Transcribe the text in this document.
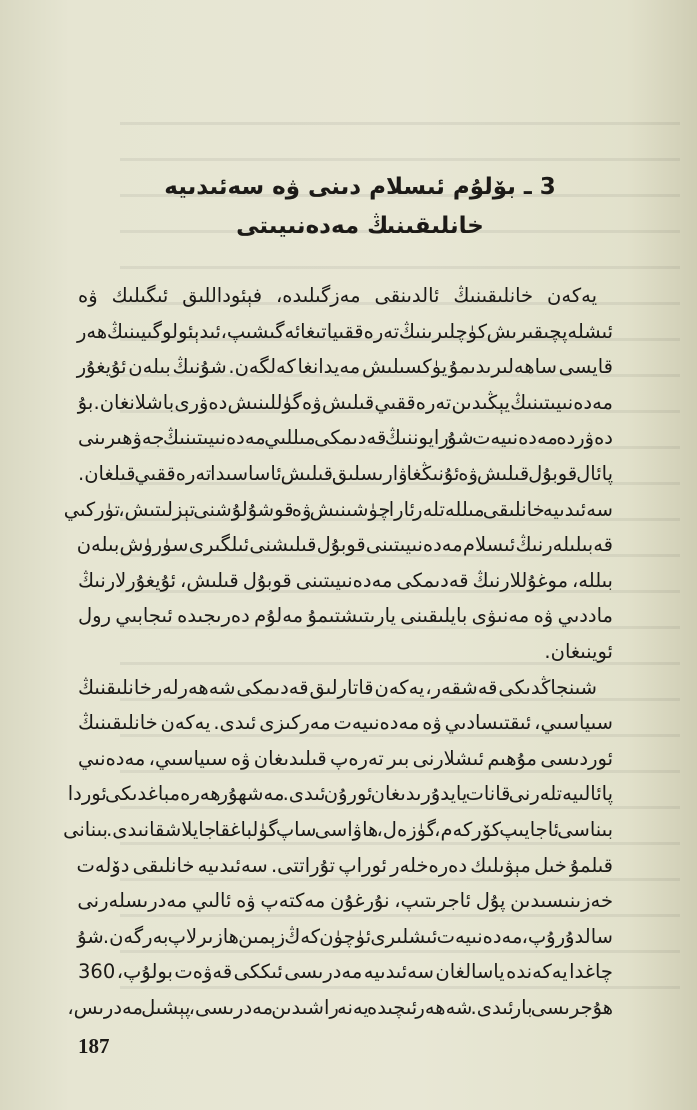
3 ـ بۆلۇم ئىسلام دىنى ۋە سەئىدىيە
خانلىقىنىڭ مەدەنىيىتى
يەكەن خانلىقىنىڭ ئالدىنقى مەزگىلىدە، فېئوداللىق ئىگىلىك ۋە
ئىشلەپچىقىرىش كۈچلىرىنىڭ تەرەققىياتىغا ئەگىشىپ، ئىدېئولوگىيىنىڭ ھەر
قايسى ساھەلىرىدىمۇ يۈكسىلىش مەيدانغا كەلگەن. شۇنىڭ بىلەن ئۇيغۇر
مەدەنىيىتىنىڭ يېڭىدىن تەرەققىي قىلىش ۋە گۈللىنىش دەۋرى باشلانغان. بۇ
دەۋردە مەدەنىيەت شۇ رايوننىڭ قەدىمكى مىللىي مەدەنىيىتىنىڭ جەۋھىرىنى
پائال قوبۇل قىلىش ۋە ئۇنىڭغا ۋارىسلىق قىلىش ئاساسىدا تەرەققىي قىلغان.
سەئىدىيە خانلىقى مىللەتلەر ئارا چۈشىنىش ۋە قوشۇلۇشنى تېزلىتىش، تۈركىي
قەبىلىلەرنىڭ ئىسلام مەدەنىيىتىنى قوبۇل قىلىشنى ئىلگىرى سۈرۈش بىلەن
بىللە، موغۇللارنىڭ قەدىمكى مەدەنىيىتىنى قوبۇل قىلىش، ئۇيغۇرلارنىڭ
ماددىي ۋە مەنىۋى بايلىقىنى يارىتىشتىمۇ مەلۇم دەرىجىدە ئىجابىي رول
ئوينىغان.
شىنجاڭدىكى قەشقەر، يەكەن قاتارلىق قەدىمكى شەھەرلەر خانلىقنىڭ
سىياسىي، ئىقتىسادىي ۋە مەدەنىيەت مەركىزى ئىدى. يەكەن خانلىقىنىڭ
ئوردىسى مۇھىم ئىشلارنى بىر تەرەپ قىلىدىغان ۋە سىياسىي، مەدەنىي
پائالىيەتلەرنى قانات يايدۇرىدىغان ئورۇن ئىدى. مەشھۇر ھەرەمباغدىكى ئوردا
بىناسى ئاجايىپ كۆركەم، گۈزەل، ھاۋاسى ساپ گۈلباغقا جايلاشقانىدى. بىنانى
قىلمۇ خىل مېۋىلىك دەرەخلەر ئوراپ تۇراتتى. سەئىدىيە خانلىقى دۆلەت
خەزىنىسىدىن پۇل ئاجرىتىپ، نۇرغۇن مەكتەپ ۋە ئالىي مەدرىسلەرنى
سالدۇرۇپ، مەدەنىيەت ئىشلىرى ئۈچۈن كەڭ زېمىن ھازىرلاپ بەرگەن. شۇ
چاغدا يەكەندە ياسالغان سەئىدىيە مەدرىسى ئىككى قەۋەت بولۇپ، 360
ھۇجرىسى بار ئىدى. شەھەر ئىچىدە يەنە راشىدىن مەدرىسى، پېشىل مەدرىس،
187
